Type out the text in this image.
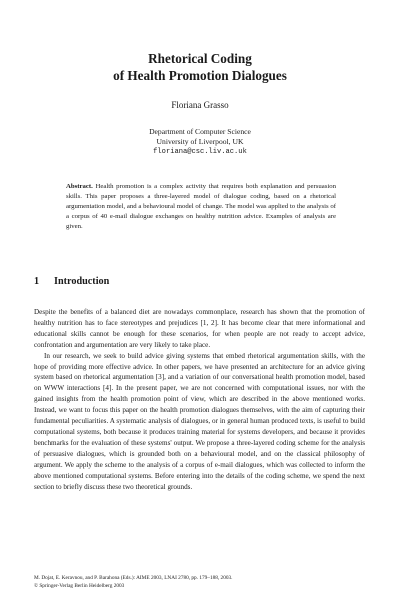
Rhetorical Coding
of Health Promotion Dialogues
Floriana Grasso
Department of Computer Science
University of Liverpool, UK
floriana@csc.liv.ac.uk
Abstract. Health promotion is a complex activity that requires both explanation and persuasion skills. This paper proposes a three-layered model of dialogue coding, based on a rhetorical argumentation model, and a behavioural model of change. The model was applied to the analysis of a corpus of 40 e-mail dialogue exchanges on healthy nutrition advice. Examples of analysis are given.
1 Introduction

Despite the benefits of a balanced diet are nowadays commonplace, research has shown that the promotion of healthy nutrition has to face stereotypes and prejudices [1, 2]. It has become clear that mere informational and educational skills cannot be enough for these scenarios, for when people are not ready to accept advice, confrontation and argumentation are very likely to take place.

In our research, we seek to build advice giving systems that embed rhetorical argumentation skills, with the hope of providing more effective advice. In other papers, we have presented an architecture for an advice giving system based on rhetorical argumentation [3], and a variation of our conversational health promotion model, based on WWW interactions [4]. In the present paper, we are not concerned with computational issues, nor with the gained insights from the health promotion point of view, which are described in the above mentioned works. Instead, we want to focus this paper on the health promotion dialogues themselves, with the aim of capturing their fundamental peculiarities. A systematic analysis of dialogues, or in general human produced texts, is useful to build computational systems, both because it produces training material for systems developers, and because it provides benchmarks for the evaluation of these systems' output. We propose a three-layered coding scheme for the analysis of persuasive dialogues, which is grounded both on a behavioural model, and on the classical philosophy of argument. We apply the scheme to the analysis of a corpus of e-mail dialogues, which was collected to inform the above mentioned computational systems. Before entering into the details of the coding scheme, we spend the next section to briefly discuss these two theoretical grounds.

M. Dojat, E. Keravnou, and P. Barahona (Eds.): AIME 2003, LNAI 2780, pp. 179–188, 2003.
© Springer-Verlag Berlin Heidelberg 2003
